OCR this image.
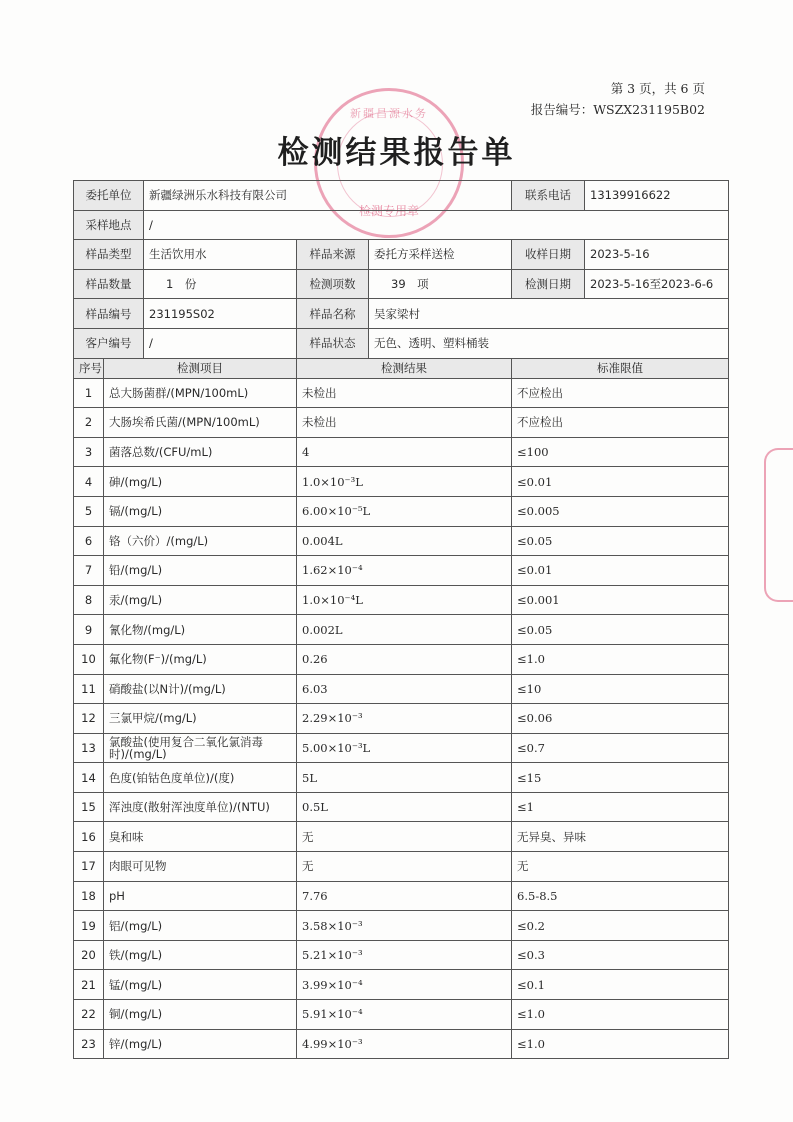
第 3 页，共 6 页
报告编号：WSZX231195B02
新疆昌源水务
检测专用章
检测结果报告单
委托单位		新疆绿洲乐水科技有限公司			联系电话	13139916622
采样地点		/				
样品类型		生活饮用水	样品来源	委托方采样送检	收样日期	2023-5-16
样品数量		1　份	检测项数	39　项	检测日期	2023-5-16至2023-6-6
样品编号		231195S02	样品名称	吴家梁村		
客户编号		/	样品状态	无色、透明、塑料桶装		
序号	检测项目		检测结果		标准限值	
1	总大肠菌群/(MPN/100mL)		未检出		不应检出	
2	大肠埃希氏菌/(MPN/100mL)		未检出		不应检出	
3	菌落总数/(CFU/mL)		4		≤100	
4	砷/(mg/L)		1.0×10⁻³L		≤0.01	
5	镉/(mg/L)		6.00×10⁻⁵L		≤0.005	
6	铬（六价）/(mg/L)		0.004L		≤0.05	
7	铅/(mg/L)		1.62×10⁻⁴		≤0.01	
8	汞/(mg/L)		1.0×10⁻⁴L		≤0.001	
9	氰化物/(mg/L)		0.002L		≤0.05	
10	氟化物(F⁻)/(mg/L)		0.26		≤1.0	
11	硝酸盐(以N计)/(mg/L)		6.03		≤10	
12	三氯甲烷/(mg/L)		2.29×10⁻³		≤0.06	
13	氯酸盐(使用复合二氧化氯消毒时)/(mg/L)		5.00×10⁻³L		≤0.7	
14	色度(铂钴色度单位)/(度)		5L		≤15	
15	浑浊度(散射浑浊度单位)/(NTU)		0.5L		≤1	
16	臭和味		无		无异臭、异味	
17	肉眼可见物		无		无	
18	pH		7.76		6.5-8.5	
19	铝/(mg/L)		3.58×10⁻³		≤0.2	
20	铁/(mg/L)		5.21×10⁻³		≤0.3	
21	锰/(mg/L)		3.99×10⁻⁴		≤0.1	
22	铜/(mg/L)		5.91×10⁻⁴		≤1.0	
23	锌/(mg/L)		4.99×10⁻³		≤1.0	
